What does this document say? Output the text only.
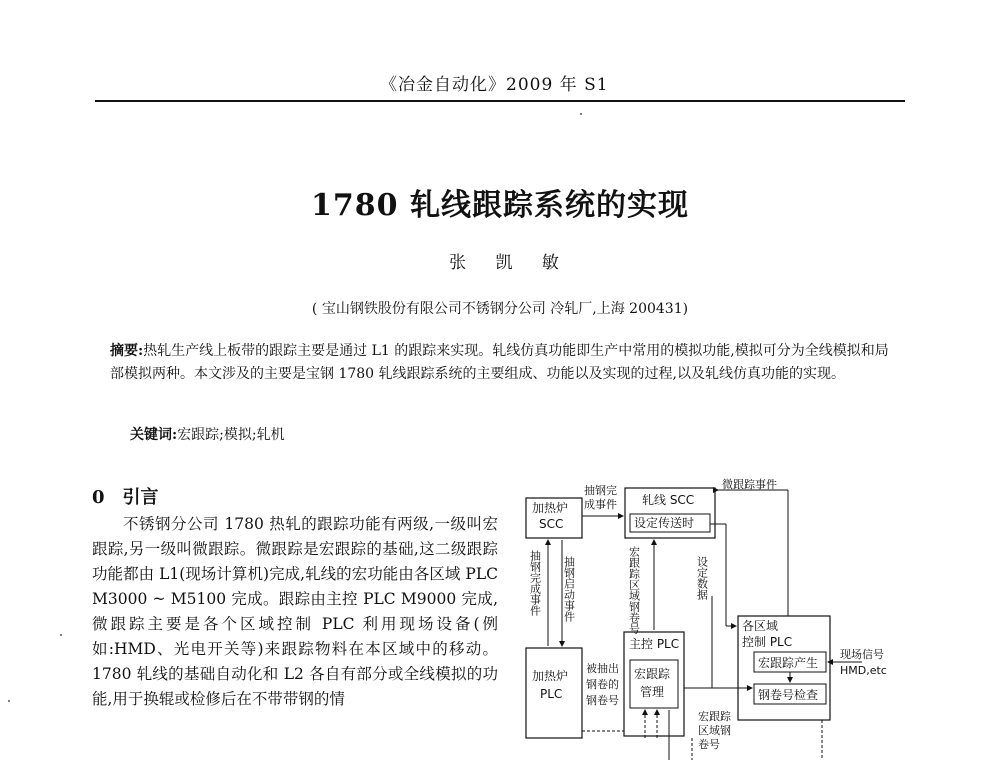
《冶金自动化》2009 年 S1
1780 轧线跟踪系统的实现
张 凯 敏
( 宝山钢铁股份有限公司不锈钢分公司 冷轧厂,上海 200431)
摘要:热轧生产线上板带的跟踪主要是通过 L1 的跟踪来实现。轧线仿真功能即生产中常用的模拟功能,模拟可分为全线模拟和局部模拟两种。本文涉及的主要是宝钢 1780 轧线跟踪系统的主要组成、功能以及实现的过程,以及轧线仿真功能的实现。
关键词:宏跟踪;模拟;轧机
0 引言

不锈钢分公司 1780 热轧的跟踪功能有两级,一级叫宏跟踪,另一级叫微跟踪。微跟踪是宏跟踪的基础,这二级跟踪功能都由 L1(现场计算机)完成,轧线的宏功能由各区域 PLC M3000 ~ M5100 完成。跟踪由主控 PLC M9000 完成,微跟踪主要是各个区域控制 PLC 利用现场设备(例如:HMD、光电开关等)来跟踪物料在本区域中的移动。1780 轧线的基础自动化和 L2 各自有部分或全线模拟的功能,用于换辊或检修后在不带带钢的情

加热炉
SCC
轧线 SCC
设定传送时
抽钢完
成事件
微跟踪事件
抽钢完成事件 抽钢启动事件	宏跟踪区域钢卷号	设定数据
主控 PLC
宏跟踪
管理
各区域
控制 PLC
宏跟踪产生
钢卷号检查
现场信号
HMD,etc
加热炉
PLC
被抽出
钢卷的
钢卷号
宏跟踪
区域钢
卷号
